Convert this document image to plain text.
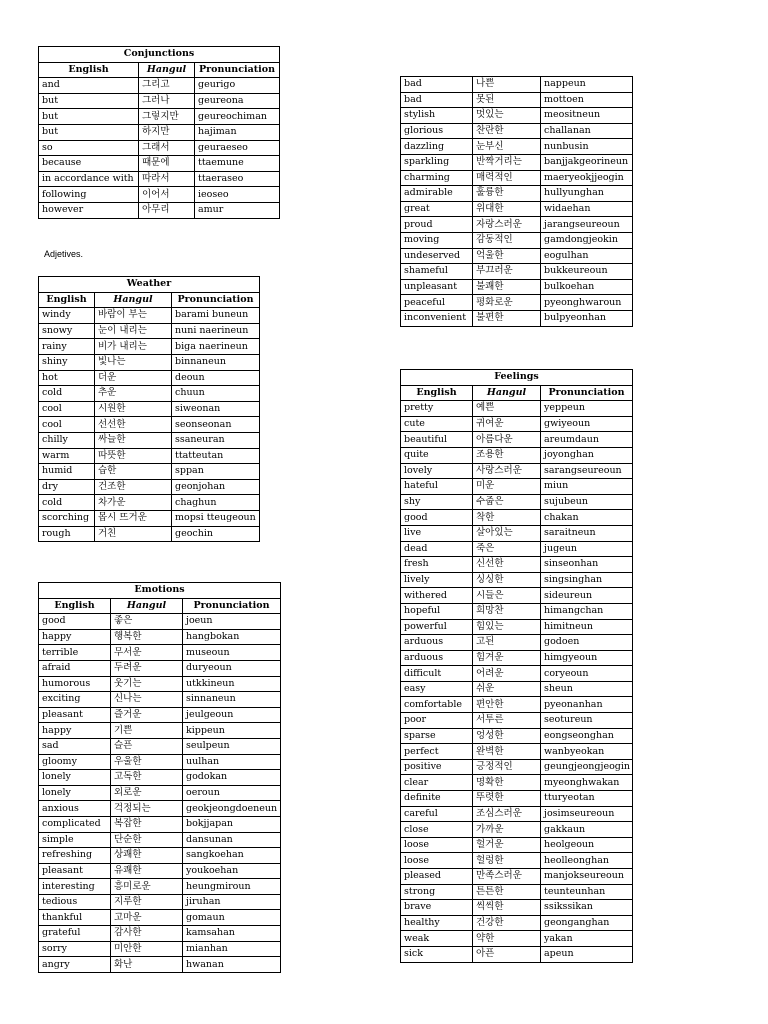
Conjunctions		
English	Hangul	Pronunciation
and	그리고	geurigo
but	그러나	geureona
but	그렇지만	geureochiman
but	하지만	hajiman
so	그래서	geuraeseo
because	때문에	ttaemune
in accordance with	따라서	ttaeraseo
following	이어서	ieoseo
however	아무리	amur
Adjetives.
Weather		
English	Hangul	Pronunciation
windy	바람이 부는	barami buneun
snowy	눈이 내리는	nuni naerineun
rainy	비가 내리는	biga naerineun
shiny	빛나는	binnaneun
hot	더운	deoun
cold	추운	chuun
cool	시원한	siweonan
cool	선선한	seonseonan
chilly	싸늘한	ssaneuran
warm	따뜻한	ttatteutan
humid	습한	sppan
dry	건조한	geonjohan
cold	차가운	chaghun
scorching	몹시 뜨거운	mopsi tteugeoun
rough	거친	geochin
Emotions		
English	Hangul	Pronunciation
good	좋은	joeun
happy	행복한	hangbokan
terrible	무서운	museoun
afraid	두려운	duryeoun
humorous	웃기는	utkkineun
exciting	신나는	sinnaneun
pleasant	즐거운	jeulgeoun
happy	기쁜	kippeun
sad	슬픈	seulpeun
gloomy	우울한	uulhan
lonely	고독한	godokan
lonely	외로운	oeroun
anxious	걱정되는	geokjeongdoeneun
complicated	복잡한	bokjjapan
simple	단순한	dansunan
refreshing	상쾌한	sangkoehan
pleasant	유쾌한	youkoehan
interesting	흥미로운	heungmiroun
tedious	지루한	jiruhan
thankful	고마운	gomaun
grateful	감사한	kamsahan
sorry	미안한	mianhan
angry	화난	hwanan
bad	나쁜	nappeun
bad	못된	mottoen
stylish	멋있는	meositneun
glorious	찬란한	challanan
dazzling	눈부신	nunbusin
sparkling	반짝거리는	banjjakgeorineun
charming	매력적인	maeryeokjjeogin
admirable	훌륭한	hullyunghan
great	위대한	widaehan
proud	자랑스러운	jarangseureoun
moving	감동적인	gamdongjeokin
undeserved	억울한	eogulhan
shameful	부끄러운	bukkeureoun
unpleasant	불쾌한	bulkoehan
peaceful	평화로운	pyeonghwaroun
inconvenient	불편한	bulpyeonhan
Feelings		
English	Hangul	Pronunciation
pretty	예쁜	yeppeun
cute	귀여운	gwiyeoun
beautiful	아름다운	areumdaun
quite	조용한	joyonghan
lovely	사랑스러운	sarangseureoun
hateful	미운	miun
shy	수줍은	sujubeun
good	착한	chakan
live	살아있는	saraitneun
dead	죽은	jugeun
fresh	신선한	sinseonhan
lively	싱싱한	singsinghan
withered	시들은	sideureun
hopeful	희망찬	himangchan
powerful	힘있는	himitneun
arduous	고된	godoen
arduous	힘겨운	himgyeoun
difficult	어려운	coryeoun
easy	쉬운	sheun
comfortable	편안한	pyeonanhan
poor	서투른	seotureun
sparse	엉성한	eongseonghan
perfect	완벽한	wanbyeokan
positive	긍정적인	geungjeongjeogin
clear	명확한	myeonghwakan
definite	뚜렷한	tturyeotan
careful	조심스러운	josimseureoun
close	가까운	gakkaun
loose	헐거운	heolgeoun
loose	헐렁한	heolleonghan
pleased	만족스러운	manjokseureoun
strong	튼튼한	teunteunhan
brave	씩씩한	ssikssikan
healthy	건강한	geonganghan
weak	약한	yakan
sick	아픈	apeun
